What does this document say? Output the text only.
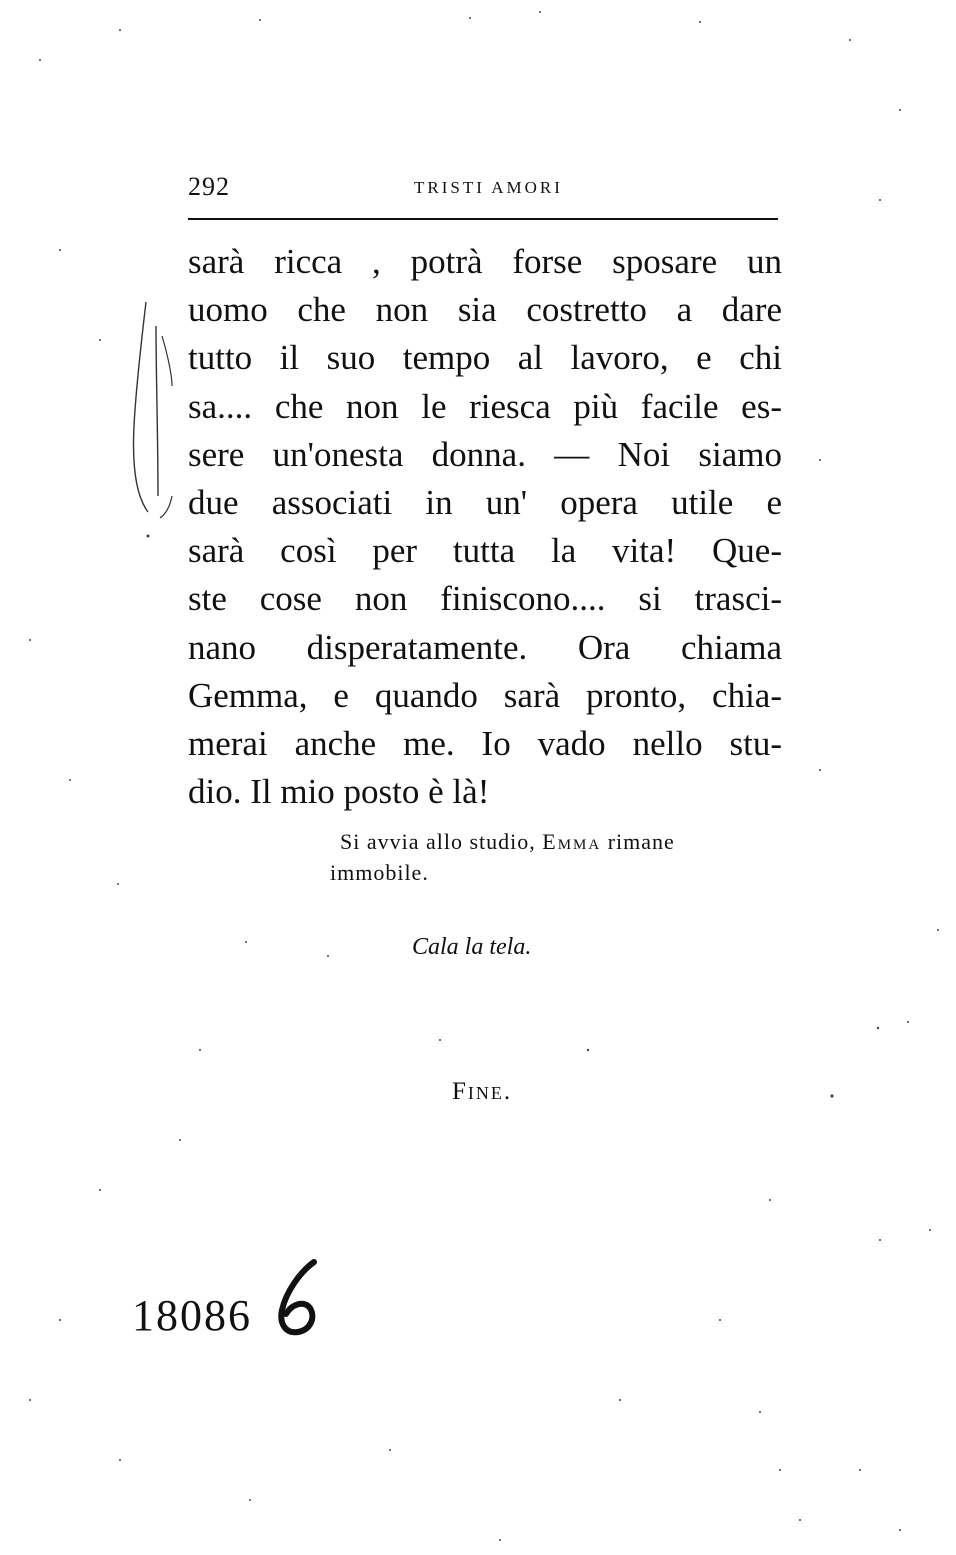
292	TRISTI AMORI
sarà ricca , potrà forse sposare un
uomo che non sia costretto a dare
tutto il suo tempo al lavoro, e chi
sa.... che non le riesca più facile es-
sere un'onesta donna. — Noi siamo
due associati in un' opera utile e
sarà così per tutta la vita! Que-
ste cose non finiscono.... si trasci-
nano disperatamente. Ora chiama
Gemma, e quando sarà pronto, chia-
merai anche me. Io vado nello stu-
dio. Il mio posto è là!
Si avvia allo studio, Emma rimane
immobile.
Cala la tela.
Fine.
18086
